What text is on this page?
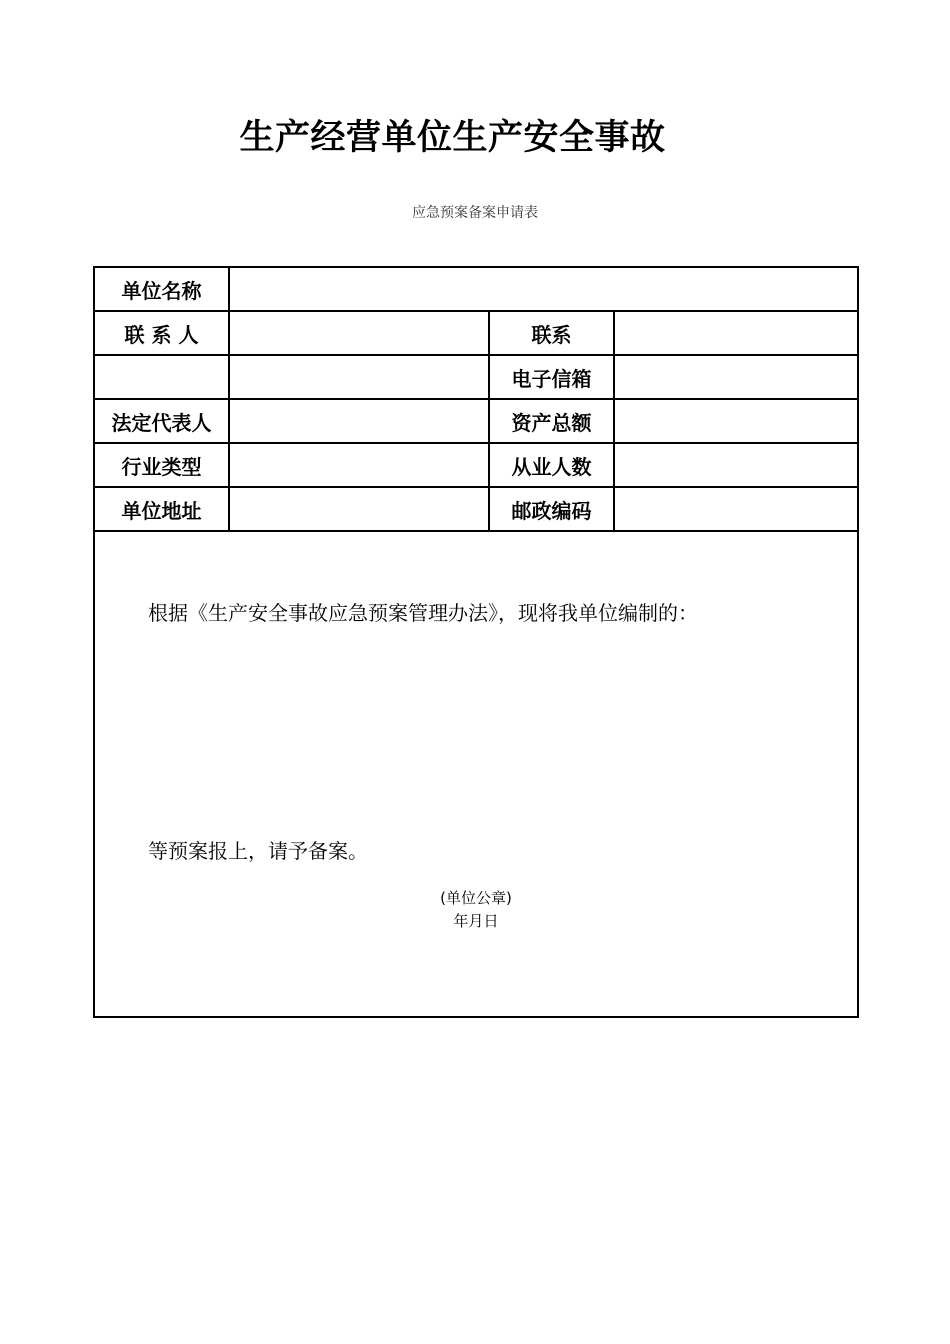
生产经营单位生产安全事故
应急预案备案申请表
单位名称			
联 系 人		联系	
		电子信箱	
法定代表人		资产总额	
行业类型		从业人数	
单位地址		邮政编码	

根据《生产安全事故应急预案管理办法》，现将我单位编制的：
等预案报上，请予备案。
(单位公章)
年月日			
